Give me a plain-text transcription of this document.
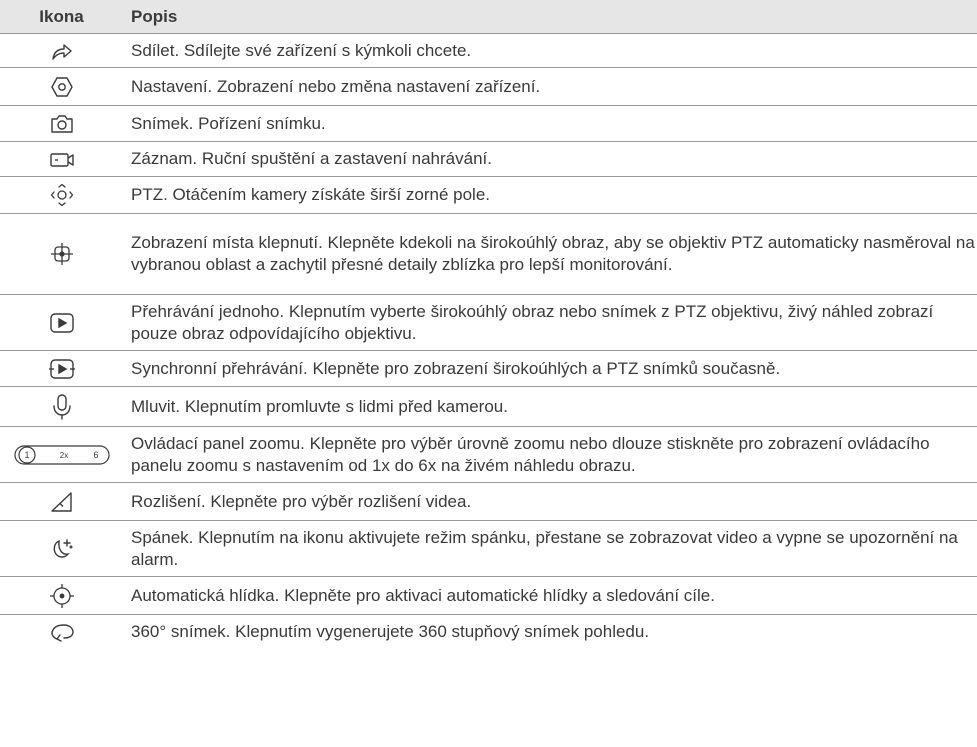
Ikona	Popis
	Sdílet. Sdílejte své zařízení s kýmkoli chcete.
	Nastavení. Zobrazení nebo změna nastavení zařízení.
	Snímek. Pořízení snímku.
	Záznam. Ruční spuštění a zastavení nahrávání.
	PTZ. Otáčením kamery získáte širší zorné pole.
	Zobrazení místa klepnutí. Klepněte kdekoli na širokoúhlý obraz, aby se objektiv PTZ automaticky nasměroval na vybranou oblast a zachytil přesné detaily zblízka pro lepší monitorování.
	Přehrávání jednoho. Klepnutím vyberte širokoúhlý obraz nebo snímek z PTZ objektivu, živý náhled zobrazí pouze obraz odpovídajícího objektivu.
	Synchronní přehrávání. Klepněte pro zobrazení širokoúhlých a PTZ snímků současně.
	Mluvit. Klepnutím promluvte s lidmi před kamerou.

1 2x 6	Ovládací panel zoomu. Klepněte pro výběr úrovně zoomu nebo dlouze stiskněte pro zobrazení ovládacího panelu zoomu s nastavením od 1x do 6x na živém náhledu obrazu.
	Rozlišení. Klepněte pro výběr rozlišení videa.
	Spánek. Klepnutím na ikonu aktivujete režim spánku, přestane se zobrazovat video a vypne se upozornění na alarm.
	Automatická hlídka. Klepněte pro aktivaci automatické hlídky a sledování cíle.
	360° snímek. Klepnutím vygenerujete 360 stupňový snímek pohledu.
